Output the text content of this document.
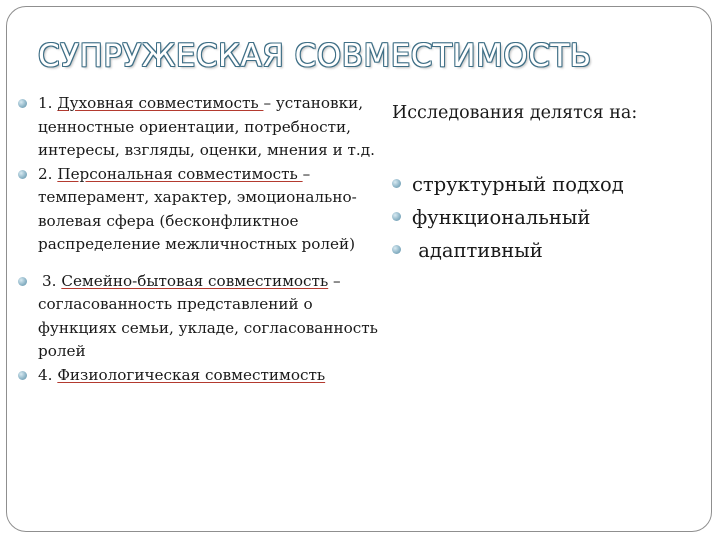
СУПРУЖЕСКАЯ СОВМЕСТИМОСТЬ
1. Духовная совместимость – установки, ценностные ориентации, потребности, интересы, взгляды, оценки, мнения и т.д.
2. Персональная совместимость – темперамент, характер, эмоционально-волевая сфера (бесконфликтное распределение межличностных ролей)
3. Семейно-бытовая совместимость – согласованность представлений о функциях семьи, укладе, согласованность ролей
4. Физиологическая совместимость
Исследования делятся на:
структурный подход
функциональный
адаптивный
